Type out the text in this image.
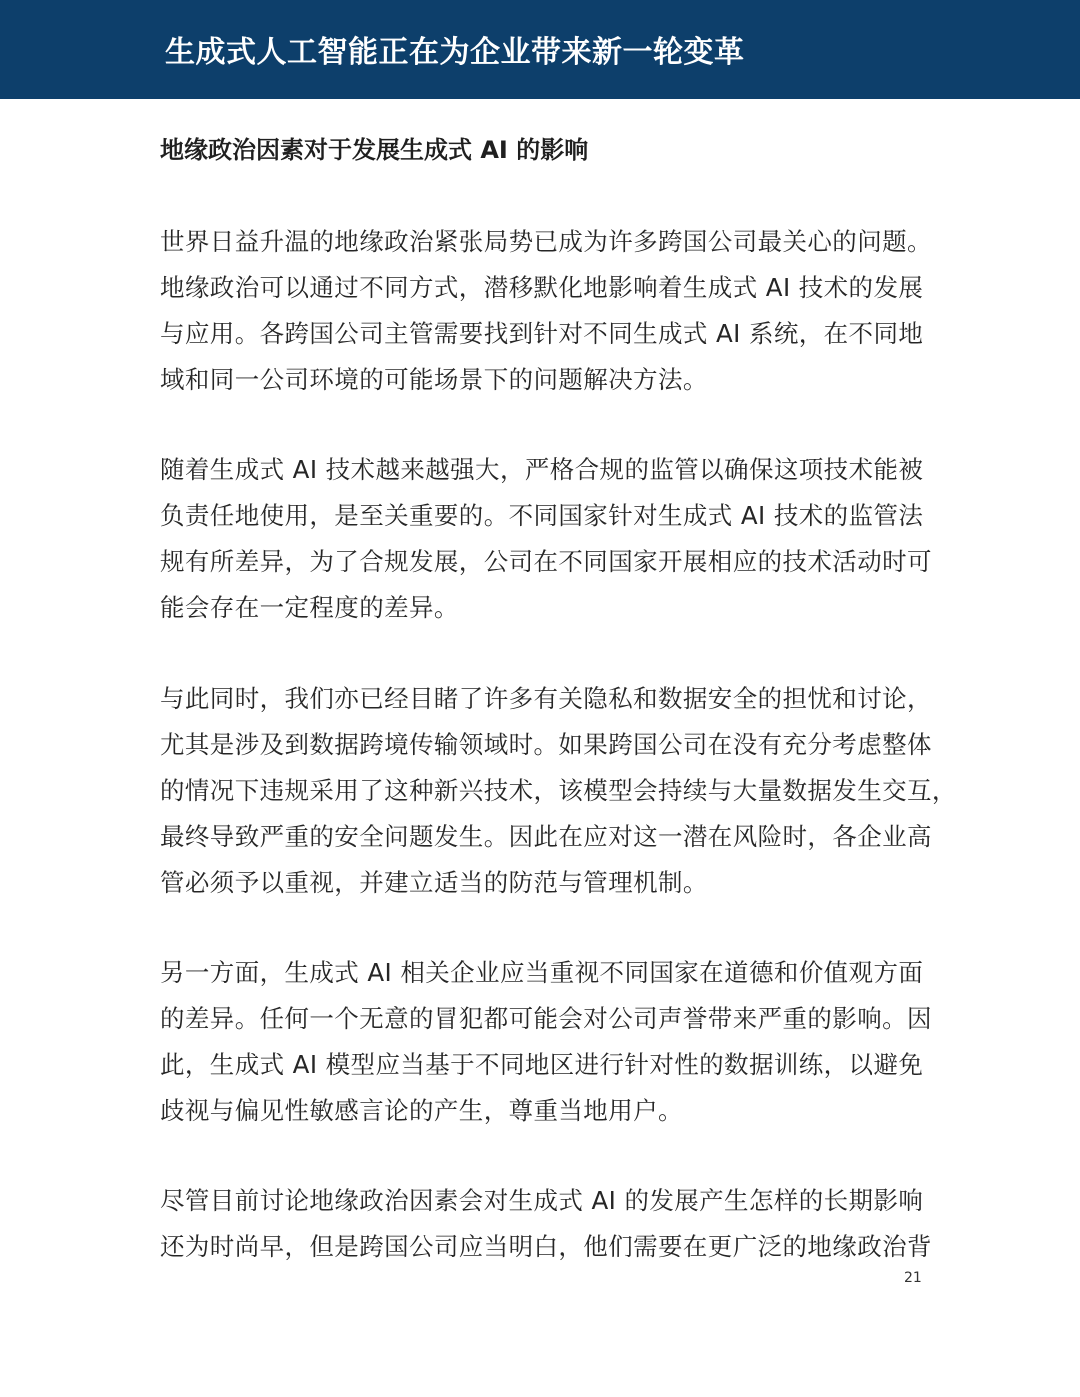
生成式人工智能正在为企业带来新一轮变革
地缘政治因素对于发展生成式 AI 的影响
世界日益升温的地缘政治紧张局势已成为许多跨国公司最关心的问题。
地缘政治可以通过不同方式，潜移默化地影响着生成式 AI 技术的发展
与应用。各跨国公司主管需要找到针对不同生成式 AI 系统，在不同地
域和同一公司环境的可能场景下的问题解决方法。
随着生成式 AI 技术越来越强大，严格合规的监管以确保这项技术能被
负责任地使用，是至关重要的。不同国家针对生成式 AI 技术的监管法
规有所差异，为了合规发展，公司在不同国家开展相应的技术活动时可
能会存在一定程度的差异。
与此同时，我们亦已经目睹了许多有关隐私和数据安全的担忧和讨论，
尤其是涉及到数据跨境传输领域时。如果跨国公司在没有充分考虑整体
的情况下违规采用了这种新兴技术，该模型会持续与大量数据发生交互，
最终导致严重的安全问题发生。因此在应对这一潜在风险时，各企业高
管必须予以重视，并建立适当的防范与管理机制。
另一方面，生成式 AI 相关企业应当重视不同国家在道德和价值观方面
的差异。任何一个无意的冒犯都可能会对公司声誉带来严重的影响。因
此，生成式 AI 模型应当基于不同地区进行针对性的数据训练，以避免
歧视与偏见性敏感言论的产生，尊重当地用户。
尽管目前讨论地缘政治因素会对生成式 AI 的发展产生怎样的长期影响
还为时尚早，但是跨国公司应当明白，他们需要在更广泛的地缘政治背
21
